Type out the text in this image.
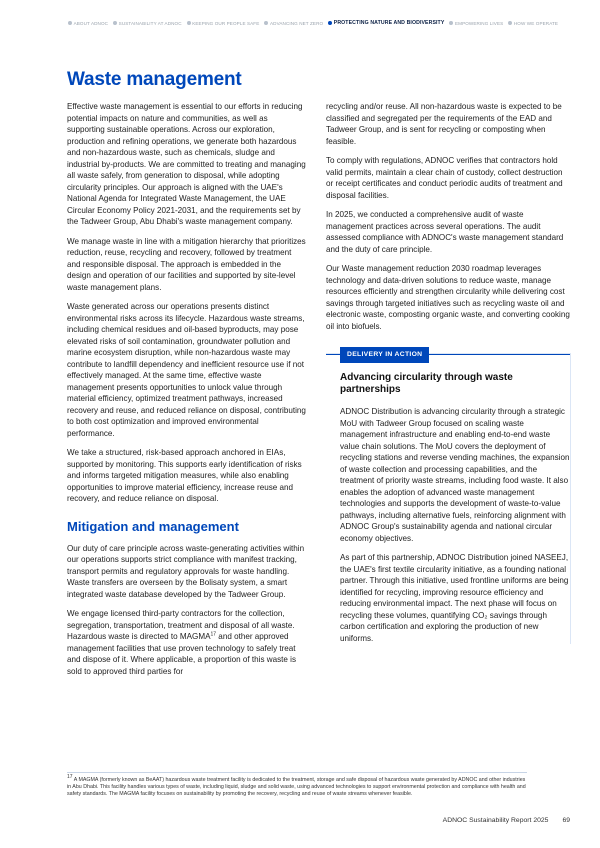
ABOUT ADNOC SUSTAINABILITY AT ADNOC KEEPING OUR PEOPLE SAFE ADVANCING NET ZERO PROTECTING NATURE AND BIODIVERSITY EMPOWERING LIVES HOW WE OPERATE
Waste management

Effective waste management is essential to our efforts in reducing potential impacts on nature and communities, as well as supporting sustainable operations. Across our exploration, production and refining operations, we generate both hazardous and non-hazardous waste, such as chemicals, sludge and industrial by-products. We are committed to treating and managing all waste safely, from generation to disposal, while adopting circularity principles. Our approach is aligned with the UAE's National Agenda for Integrated Waste Management, the UAE Circular Economy Policy 2021-2031, and the requirements set by the Tadweer Group, Abu Dhabi's waste management company.

We manage waste in line with a mitigation hierarchy that prioritizes reduction, reuse, recycling and recovery, followed by treatment and responsible disposal. The approach is embedded in the design and operation of our facilities and supported by site-level waste management plans.

Waste generated across our operations presents distinct environmental risks across its lifecycle. Hazardous waste streams, including chemical residues and oil-based byproducts, may pose elevated risks of soil contamination, groundwater pollution and marine ecosystem disruption, while non-hazardous waste may contribute to landfill dependency and inefficient resource use if not effectively managed. At the same time, effective waste management presents opportunities to unlock value through material efficiency, optimized treatment pathways, increased recovery and reuse, and reduced reliance on disposal, contributing to both cost optimization and improved environmental performance.

We take a structured, risk-based approach anchored in EIAs, supported by monitoring. This supports early identification of risks and informs targeted mitigation measures, while also enabling opportunities to improve material efficiency, increase reuse and recovery, and reduce reliance on disposal.

Mitigation and management

Our duty of care principle across waste-generating activities within our operations supports strict compliance with manifest tracking, transport permits and regulatory approvals for waste handling. Waste transfers are overseen by the Bolisaty system, a smart integrated waste database developed by the Tadweer Group.

We engage licensed third-party contractors for the collection, segregation, transportation, treatment and disposal of all waste. Hazardous waste is directed to MAGMA$^{17}$ and other approved management facilities that use proven technology to safely treat and dispose of it. Where applicable, a proportion of this waste is sold to approved third parties for

recycling and/or reuse. All non-hazardous waste is expected to be classified and segregated per the requirements of the EAD and Tadweer Group, and is sent for recycling or composting when feasible.

To comply with regulations, ADNOC verifies that contractors hold valid permits, maintain a clear chain of custody, collect destruction or receipt certificates and conduct periodic audits of treatment and disposal facilities.

In 2025, we conducted a comprehensive audit of waste management practices across several operations. The audit assessed compliance with ADNOC's waste management standard and the duty of care principle.

Our Waste management reduction 2030 roadmap leverages technology and data-driven solutions to reduce waste, manage resources efficiently and strengthen circularity while delivering cost savings through targeted initiatives such as recycling waste oil and electronic waste, composting organic waste, and converting cooking oil into biofuels.

DELIVERY IN ACTION
Advancing circularity through waste partnerships

ADNOC Distribution is advancing circularity through a strategic MoU with Tadweer Group focused on scaling waste management infrastructure and enabling end-to-end waste value chain solutions. The MoU covers the deployment of recycling stations and reverse vending machines, the expansion of waste collection and processing capabilities, and the treatment of priority waste streams, including food waste. It also enables the adoption of advanced waste management technologies and supports the development of waste-to-value pathways, including alternative fuels, reinforcing alignment with ADNOC Group's sustainability agenda and national circular economy objectives.

As part of this partnership, ADNOC Distribution joined NASEEJ, the UAE's first textile circularity initiative, as a founding national partner. Through this initiative, used frontline uniforms are being identified for recycling, improving resource efficiency and reducing environmental impact. The next phase will focus on recycling these volumes, quantifying CO₂ savings through carbon certification and exploring the production of new uniforms.

$^{17}$ A MAGMA (formerly known as BeAAT) hazardous waste treatment facility is dedicated to the treatment, storage and safe disposal of hazardous waste generated by ADNOC and other industries in Abu Dhabi. This facility handles various types of waste, including liquid, sludge and solid waste, using advanced technologies to support environmental protection and compliance with health and safety standards. The MAGMA facility focuses on sustainability by promoting the recovery, recycling and reuse of waste streams whenever feasible.
ADNOC Sustainability Report 2025 69
